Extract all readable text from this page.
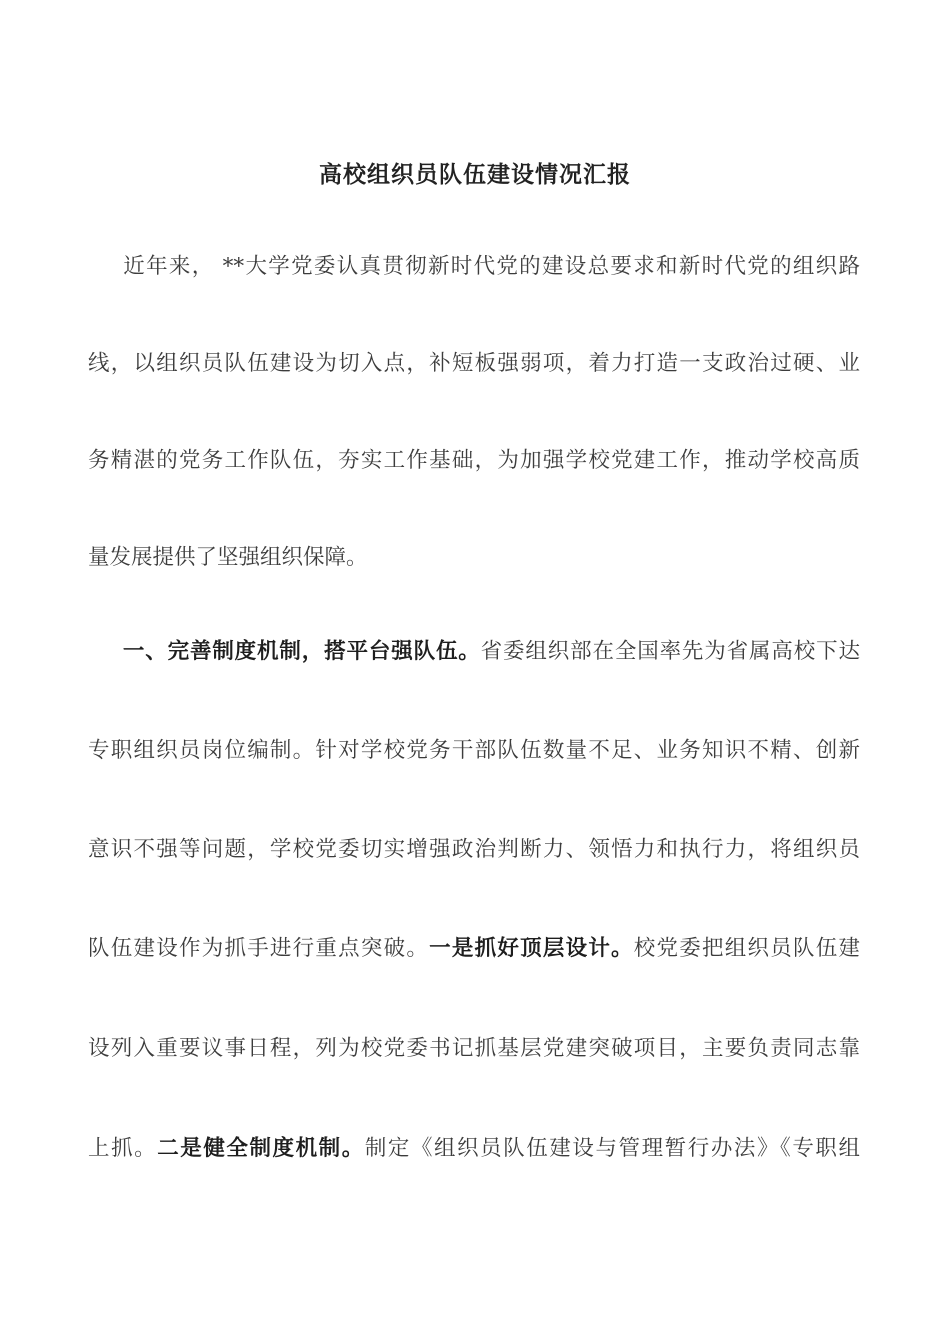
高校组织员队伍建设情况汇报
近年来， **大学党委认真贯彻新时代党的建设总要求和新时代党的组织路
线，以组织员队伍建设为切入点，补短板强弱项，着力打造一支政治过硬、业
务精湛的党务工作队伍，夯实工作基础，为加强学校党建工作，推动学校高质
量发展提供了坚强组织保障。
一、完善制度机制，搭平台强队伍。省委组织部在全国率先为省属高校下达
专职组织员岗位编制。针对学校党务干部队伍数量不足、业务知识不精、创新
意识不强等问题，学校党委切实增强政治判断力、领悟力和执行力，将组织员
队伍建设作为抓手进行重点突破。一是抓好顶层设计。校党委把组织员队伍建
设列入重要议事日程，列为校党委书记抓基层党建突破项目，主要负责同志靠
上抓。二是健全制度机制。制定《组织员队伍建设与管理暂行办法》《专职组
